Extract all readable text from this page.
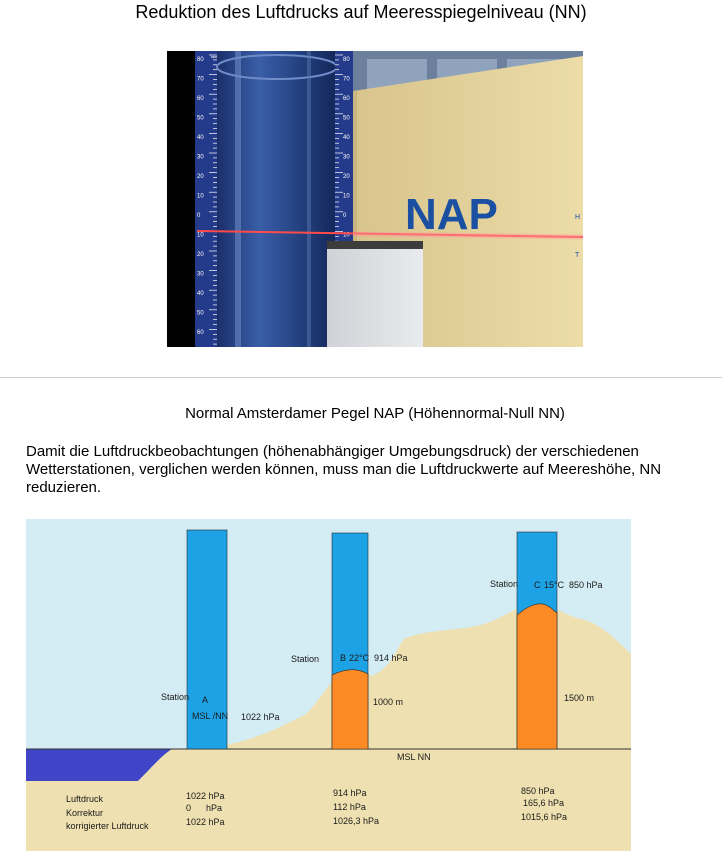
Reduktion des Luftdrucks auf Meeresspiegelniveau (NN)
80
70
60
50
40
30
20
10
0
10
20
30
40
50
60
80
70
60
50
40
30
20
10
0
10 NAP	H
T
Normal Amsterdamer Pegel NAP (Höhennormal-Null NN)
Damit die Luftdruckbeobachtungen (höhenabhängiger Umgebungsdruck) der verschiedenen Wetterstationen, verglichen werden können, muss man die Luftdruckwerte auf Meereshöhe, NN reduzieren.
Station A
MSL /NN 1022 hPa
Station B 22°C 914 hPa
1000 m
Station C 15°C 850 hPa
1500 m
MSL NN
Luftdruck
Korrektur
korrigierter Luftdruck
1022 hPa
0      hPa
1022 hPa
914 hPa
112 hPa
1026,3 hPa
850 hPa
165,6 hPa
1015,6 hPa
